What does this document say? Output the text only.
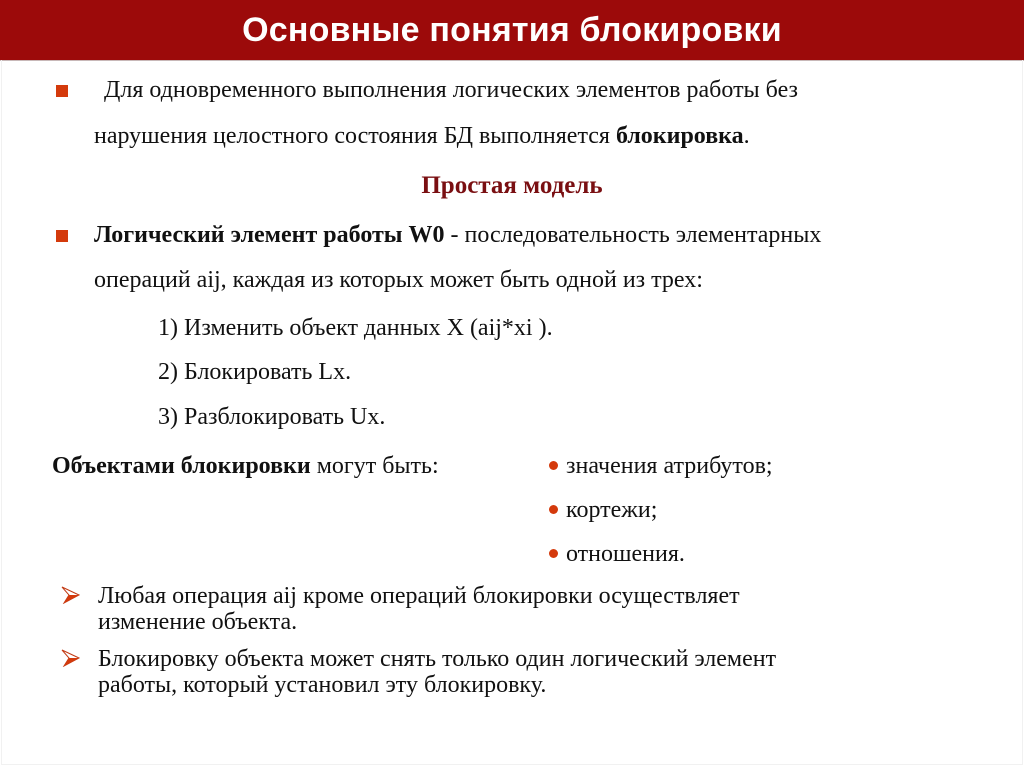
Основные понятия блокировки
Для одновременного выполнения логических элементов работы без
нарушения целостного состояния БД выполняется блокировка.
Простая модель
Логический элемент работы W0 - последовательность элементарных
операций aij, каждая из которых может быть одной из трех:
1) Изменить объект данных X (aij*xi ).
2) Блокировать Lx.
3) Разблокировать Ux.
Объектами блокировки могут быть:	значения атрибутов;
кортежи;
отношения.
Любая операция aij кроме операций блокировки осуществляет
изменение объекта.
Блокировку объекта может снять только один логический элемент
работы, который установил эту блокировку.
